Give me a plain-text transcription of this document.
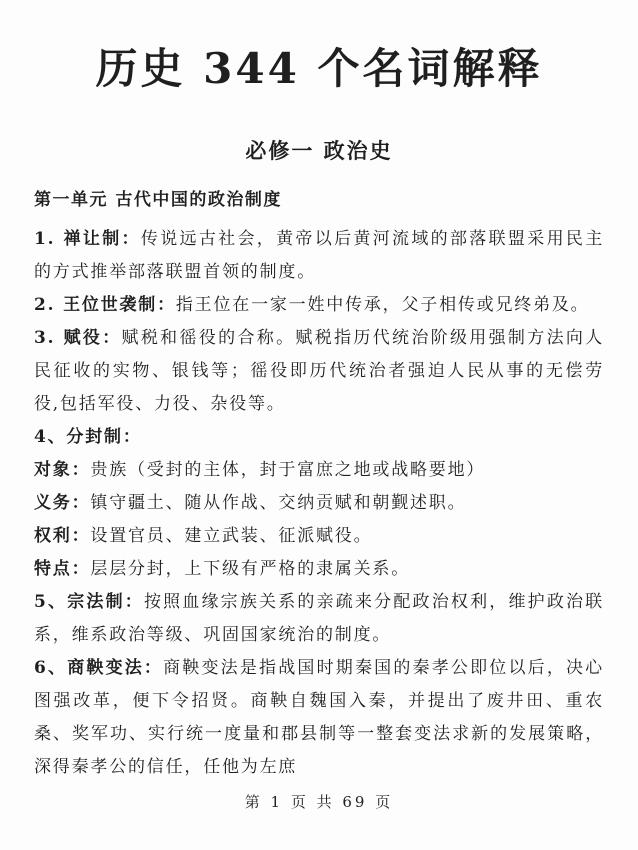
历史 344 个名词解释
必修一 政治史
第一单元 古代中国的政治制度

1. 禅让制：传说远古社会，黄帝以后黄河流域的部落联盟采用民主的方式推举部落联盟首领的制度。

2. 王位世袭制：指王位在一家一姓中传承，父子相传或兄终弟及。

3. 赋役：赋税和徭役的合称。赋税指历代统治阶级用强制方法向人民征收的实物、银钱等；徭役即历代统治者强迫人民从事的无偿劳役,包括军役、力役、杂役等。

4、分封制：

对象：贵族（受封的主体，封于富庶之地或战略要地）

义务：镇守疆土、随从作战、交纳贡赋和朝觐述职。

权利：设置官员、建立武装、征派赋役。

特点：层层分封，上下级有严格的隶属关系。

5、宗法制：按照血缘宗族关系的亲疏来分配政治权利，维护政治联系，维系政治等级、巩固国家统治的制度。

6、商鞅变法：商鞅变法是指战国时期秦国的秦孝公即位以后，决心图强改革，便下令招贤。商鞅自魏国入秦，并提出了废井田、重农桑、奖军功、实行统一度量和郡县制等一整套变法求新的发展策略，深得秦孝公的信任，任他为左庶

第 1 页 共 69 页
